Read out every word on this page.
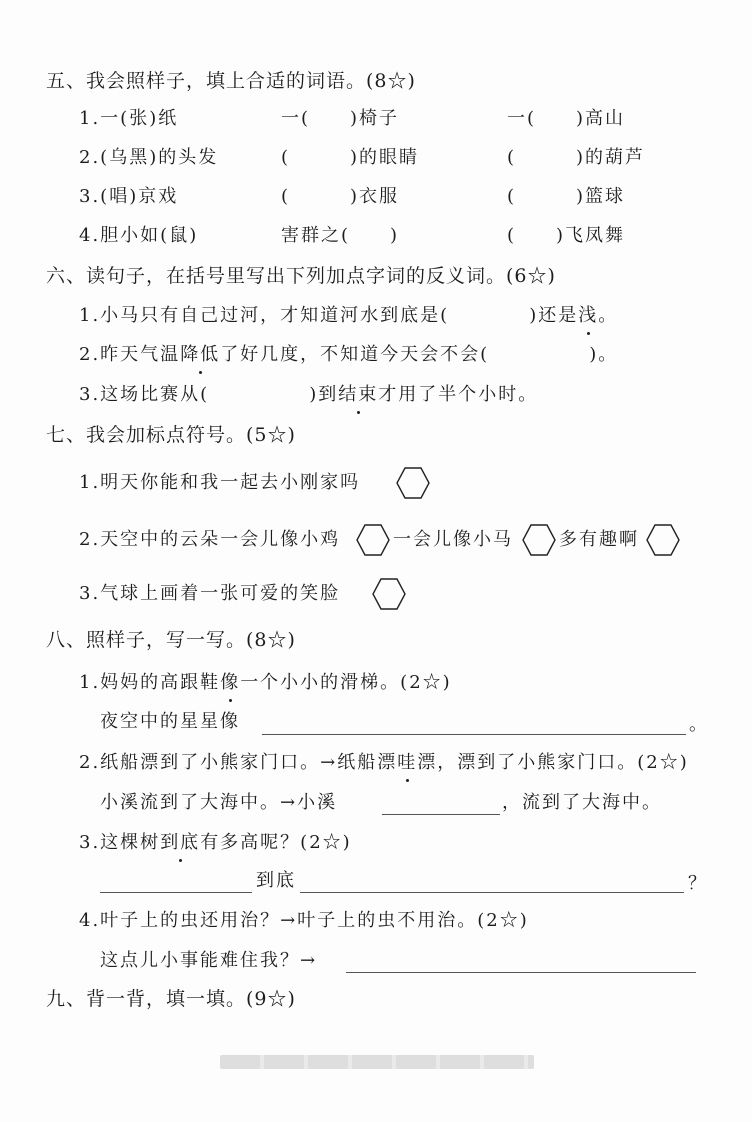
五、我会照样子，填上合适的词语。(8☆)
1.一(张)纸	一(　　)椅子	一(　　)高山
2.(乌黑)的头发	(　　　)的眼睛	(　　　)的葫芦
3.(唱)京戏	(　　　)衣服	(　　　)篮球
4.胆小如(鼠)	害群之(　　)	(　　)飞凤舞
六、读句子，在括号里写出下列加点字词的反义词。(6☆)
1.小马只有自己过河，才知道河水到底是(　　　　)还是浅。
2.昨天气温降低了好几度，不知道今天会不会(　　　　　)。
3.这场比赛从(　　　　　)到结束才用了半个小时。
七、我会加标点符号。(5☆)
1.明天你能和我一起去小刚家吗
2.天空中的云朵一会儿像小鸡	一会儿像小马	多有趣啊
3.气球上画着一张可爱的笑脸
八、照样子，写一写。(8☆)
1.妈妈的高跟鞋像一个小小的滑梯。(2☆)
夜空中的星星像	。
2.纸船漂到了小熊家门口。→纸船漂哇漂，漂到了小熊家门口。(2☆)
小溪流到了大海中。→小溪	，流到了大海中。
3.这棵树到底有多高呢？(2☆)
到底	？
4.叶子上的虫还用治？→叶子上的虫不用治。(2☆)
这点儿小事能难住我？→
九、背一背，填一填。(9☆)
